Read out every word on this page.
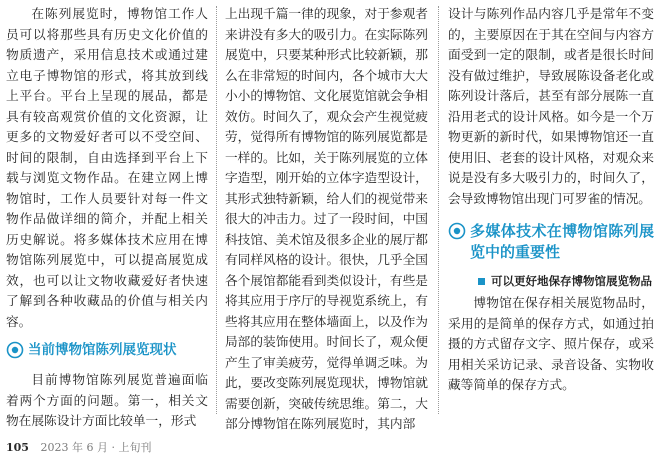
在陈列展览时，博物馆工作人员可以将那些具有历史文化价值的物质遗产，采用信息技术或通过建立电子博物馆的形式，将其放到线上平台。平台上呈现的展品，都是具有较高观赏价值的文化资源，让更多的文物爱好者可以不受空间、时间的限制，自由选择到平台上下载与浏览文物作品。在建立网上博物馆时，工作人员要针对每一件文物作品做详细的简介，并配上相关历史解说。将多媒体技术应用在博物馆陈列展览中，可以提高展览成效，也可以让文物收藏爱好者快速了解到各种收藏品的价值与相关内容。

当前博物馆陈列展览现状

目前博物馆陈列展览普遍面临着两个方面的问题。第一，相关文物在展陈设计方面比较单一，形式

上出现千篇一律的现象，对于参观者来讲没有多大的吸引力。在实际陈列展览中，只要某种形式比较新颖，那么在非常短的时间内，各个城市大大小小的博物馆、文化展览馆就会争相效仿。时间久了，观众会产生视觉疲劳，觉得所有博物馆的陈列展览都是一样的。比如，关于陈列展览的立体字造型，刚开始的立体字造型设计，其形式独特新颖，给人们的视觉带来很大的冲击力。过了一段时间，中国科技馆、美术馆及很多企业的展厅都有同样风格的设计。很快，几乎全国各个展馆都能看到类似设计，有些是将其应用于序厅的导视览系统上，有些将其应用在整体墙面上，以及作为局部的装饰使用。时间长了，观众便产生了审美疲劳，觉得单调乏味。为此，要改变陈列展览现状，博物馆就需要创新，突破传统思维。第二，大部分博物馆在陈列展览时，其内部

设计与陈列作品内容几乎是常年不变的，主要原因在于其在空间与内容方面受到一定的限制，或者是很长时间没有做过维护，导致展陈设备老化或陈列设计落后，甚至有部分展陈一直沿用老式的设计风格。如今是一个万物更新的新时代，如果博物馆还一直使用旧、老套的设计风格，对观众来说是没有多大吸引力的，时间久了，会导致博物馆出现门可罗雀的情况。

多媒体技术在博物馆陈列展览中的重要性
可以更好地保存博物馆展览物品

博物馆在保存相关展览物品时，采用的是简单的保存方式，如通过拍摄的方式留存文字、照片保存，或采用相关采访记录、录音设备、实物收藏等简单的保存方式。

105 2023 年 6 月 · 上旬刊
